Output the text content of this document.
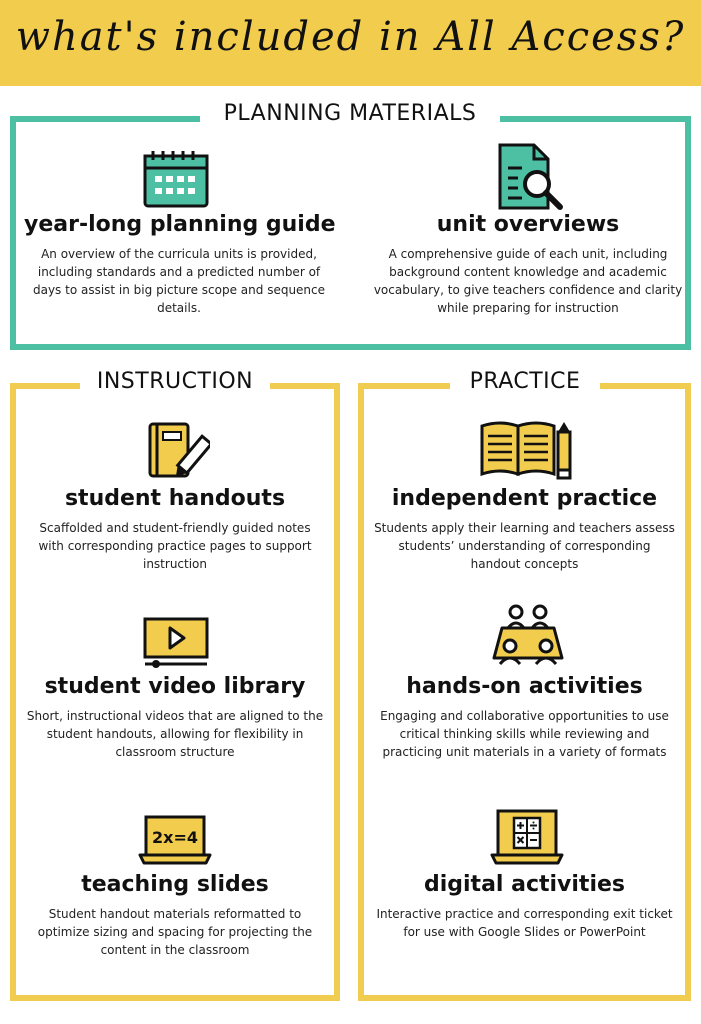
what's included in All Access?
PLANNING MATERIALS
year-long planning guide
An overview of the curricula units is provided, including standards and a predicted number of days to assist in big picture scope and sequence details.
unit overviews
A comprehensive guide of each unit, including background content knowledge and academic vocabulary, to give teachers confidence and clarity while preparing for instruction
INSTRUCTION	PRACTICE
student handouts
Scaffolded and student-friendly guided notes with corresponding practice pages to support instruction
student video library
Short, instructional videos that are aligned to the student handouts, allowing for flexibility in classroom structure
2x=4
teaching slides
Student handout materials reformatted to optimize sizing and spacing for projecting the content in the classroom
independent practice
Students apply their learning and teachers assess students’ understanding of corresponding handout concepts
hands-on activities
Engaging and collaborative opportunities to use critical thinking skills while reviewing and practicing unit materials in a variety of formats
digital activities
Interactive practice and corresponding exit ticket for use with Google Slides or PowerPoint
